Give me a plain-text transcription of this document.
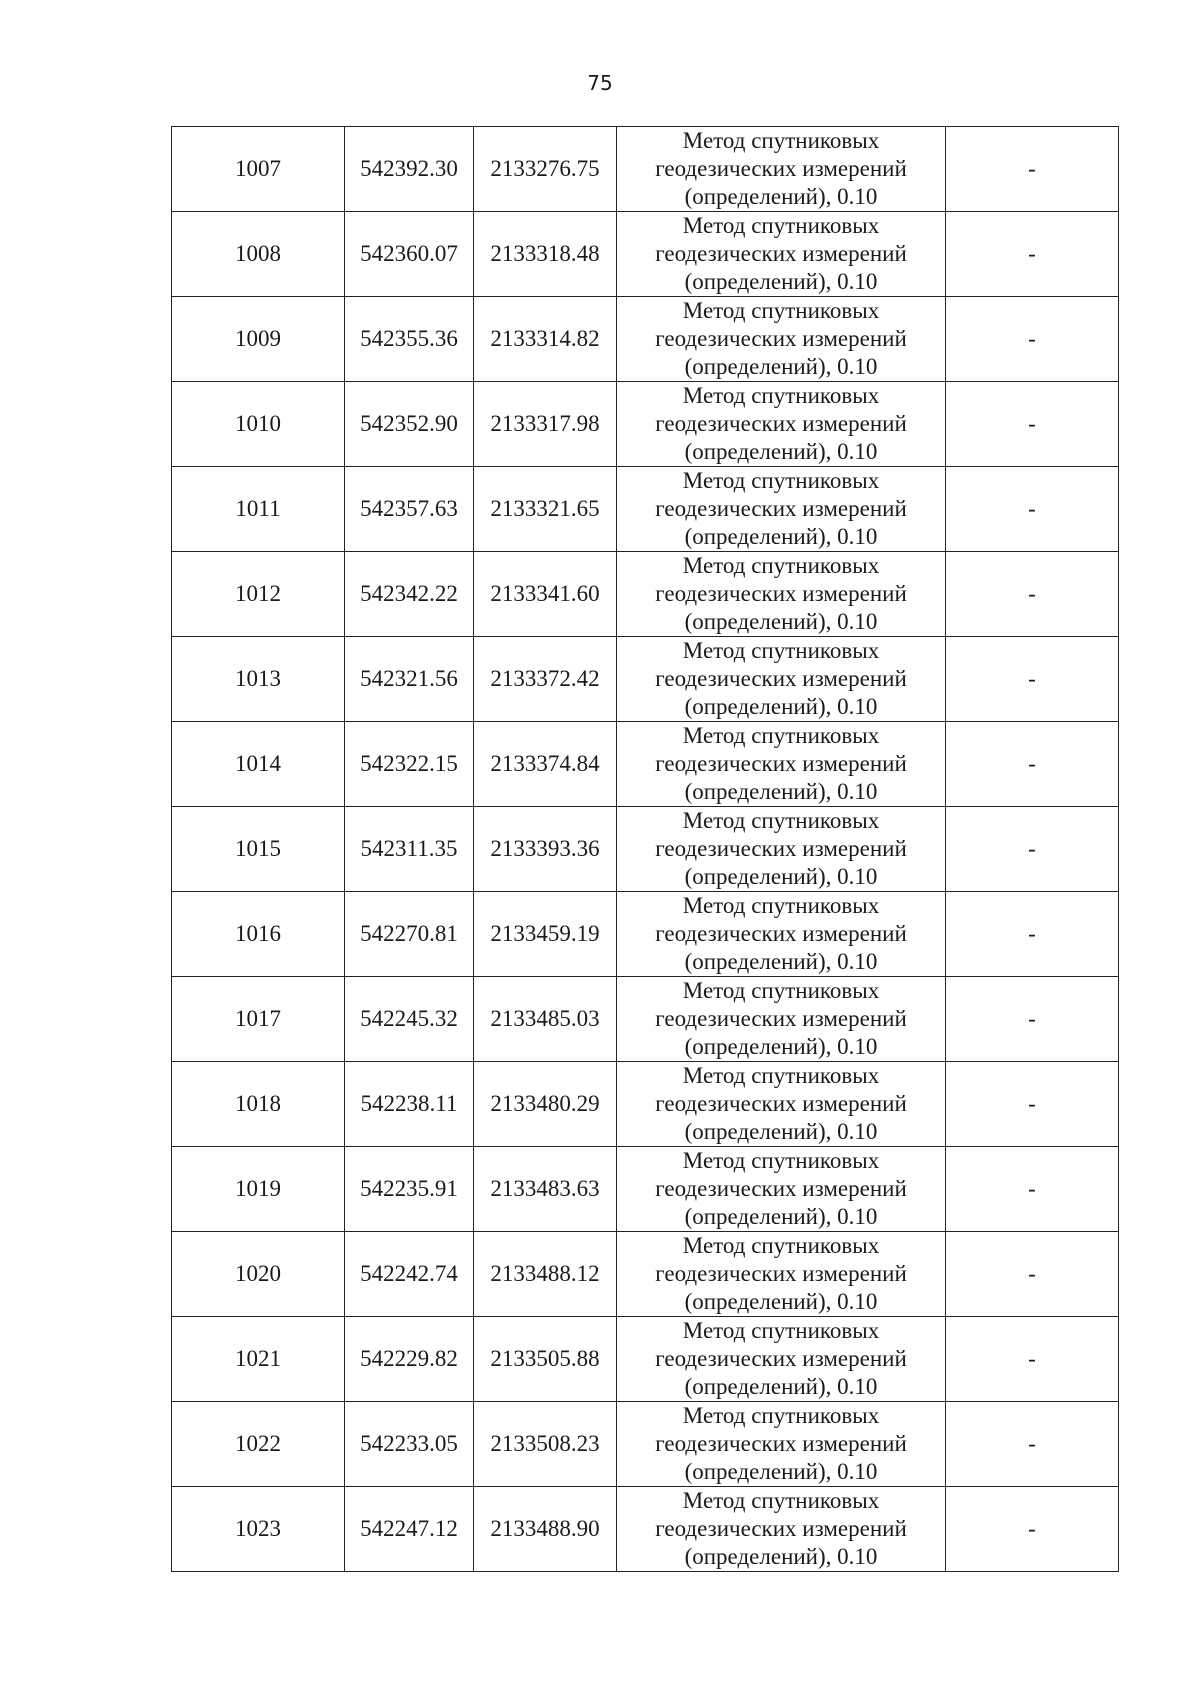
75
1007	542392.30	2133276.75	Метод спутниковых
геодезических измерений
(определений), 0.10	-
1008	542360.07	2133318.48	Метод спутниковых
геодезических измерений
(определений), 0.10	-
1009	542355.36	2133314.82	Метод спутниковых
геодезических измерений
(определений), 0.10	-
1010	542352.90	2133317.98	Метод спутниковых
геодезических измерений
(определений), 0.10	-
1011	542357.63	2133321.65	Метод спутниковых
геодезических измерений
(определений), 0.10	-
1012	542342.22	2133341.60	Метод спутниковых
геодезических измерений
(определений), 0.10	-
1013	542321.56	2133372.42	Метод спутниковых
геодезических измерений
(определений), 0.10	-
1014	542322.15	2133374.84	Метод спутниковых
геодезических измерений
(определений), 0.10	-
1015	542311.35	2133393.36	Метод спутниковых
геодезических измерений
(определений), 0.10	-
1016	542270.81	2133459.19	Метод спутниковых
геодезических измерений
(определений), 0.10	-
1017	542245.32	2133485.03	Метод спутниковых
геодезических измерений
(определений), 0.10	-
1018	542238.11	2133480.29	Метод спутниковых
геодезических измерений
(определений), 0.10	-
1019	542235.91	2133483.63	Метод спутниковых
геодезических измерений
(определений), 0.10	-
1020	542242.74	2133488.12	Метод спутниковых
геодезических измерений
(определений), 0.10	-
1021	542229.82	2133505.88	Метод спутниковых
геодезических измерений
(определений), 0.10	-
1022	542233.05	2133508.23	Метод спутниковых
геодезических измерений
(определений), 0.10	-
1023	542247.12	2133488.90	Метод спутниковых
геодезических измерений
(определений), 0.10	-
